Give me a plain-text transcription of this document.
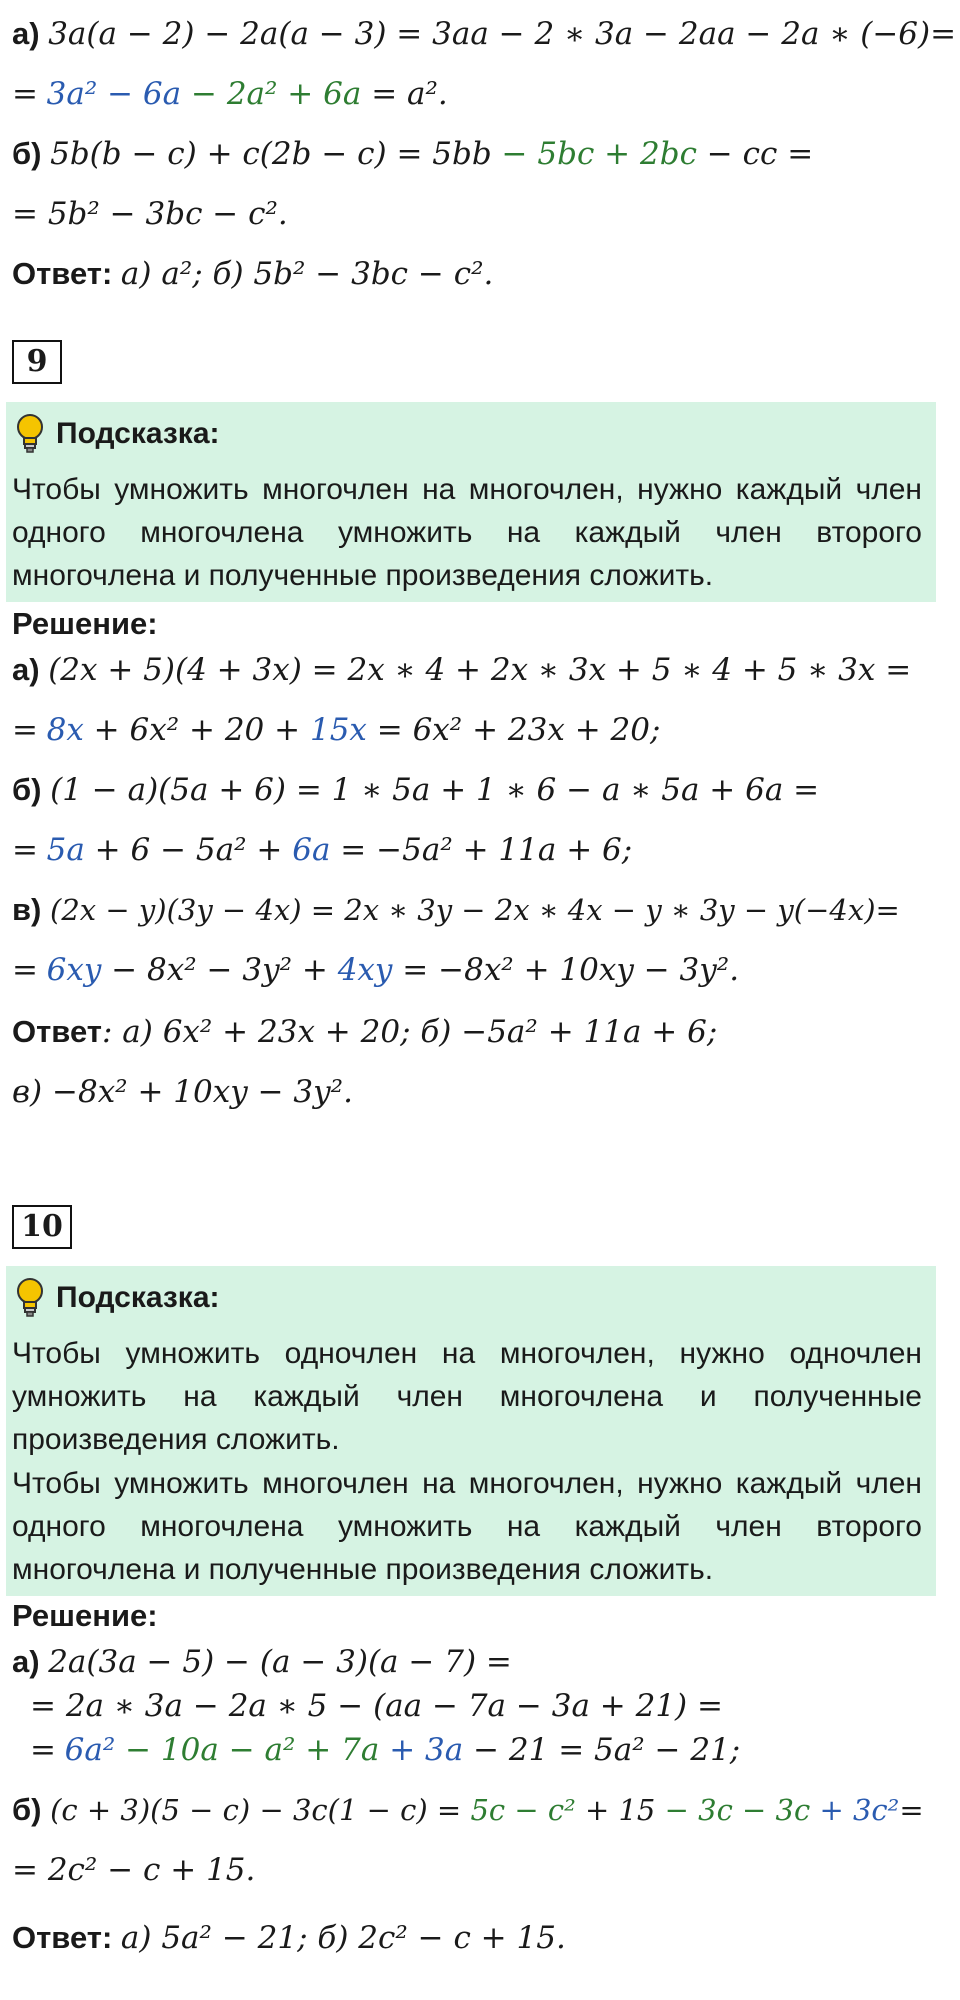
а) 3a(a − 2) − 2a(a − 3) = 3aa − 2 ∗ 3a − 2aa − 2a ∗ (−6)=
= 3a² − 6a − 2a² + 6a = a².
б) 5b(b − c) + c(2b − c) = 5bb − 5bc + 2bc − cc =
= 5b² − 3bc − c².
Ответ: а) a²; б) 5b² − 3bc − c².
9
Подсказка:
Чтобы умножить многочлен на многочлен, нужно каждый член одного многочлена умножить на каждый член второго многочлена и полученные произведения сложить.
Решение:
а) (2x + 5)(4 + 3x) = 2x ∗ 4 + 2x ∗ 3x + 5 ∗ 4 + 5 ∗ 3x =
= 8x + 6x² + 20 + 15x = 6x² + 23x + 20;
б) (1 − a)(5a + 6) = 1 ∗ 5a + 1 ∗ 6 − a ∗ 5a + 6a =
= 5a + 6 − 5a² + 6a = −5a² + 11a + 6;
в) (2x − y)(3y − 4x) = 2x ∗ 3y − 2x ∗ 4x − y ∗ 3y − y(−4x)=
= 6xy − 8x² − 3y² + 4xy = −8x² + 10xy − 3y².
Ответ: а) 6x² + 23x + 20; б) −5a² + 11a + 6;
в) −8x² + 10xy − 3y².
10
Подсказка:
Чтобы умножить одночлен на многочлен, нужно одночлен умножить на каждый член многочлена и полученные произведения сложить.
Чтобы умножить многочлен на многочлен, нужно каждый член одного многочлена умножить на каждый член второго многочлена и полученные произведения сложить.
Решение:
а) 2a(3a − 5) − (a − 3)(a − 7) =
= 2a ∗ 3a − 2a ∗ 5 − (aa − 7a − 3a + 21) =
= 6a² − 10a − a² + 7a + 3a − 21 = 5a² − 21;
б) (c + 3)(5 − c) − 3c(1 − c) = 5c − c² + 15 − 3c − 3c + 3c²=
= 2c² − c + 15.
Ответ: а) 5a² − 21; б) 2c² − c + 15.
